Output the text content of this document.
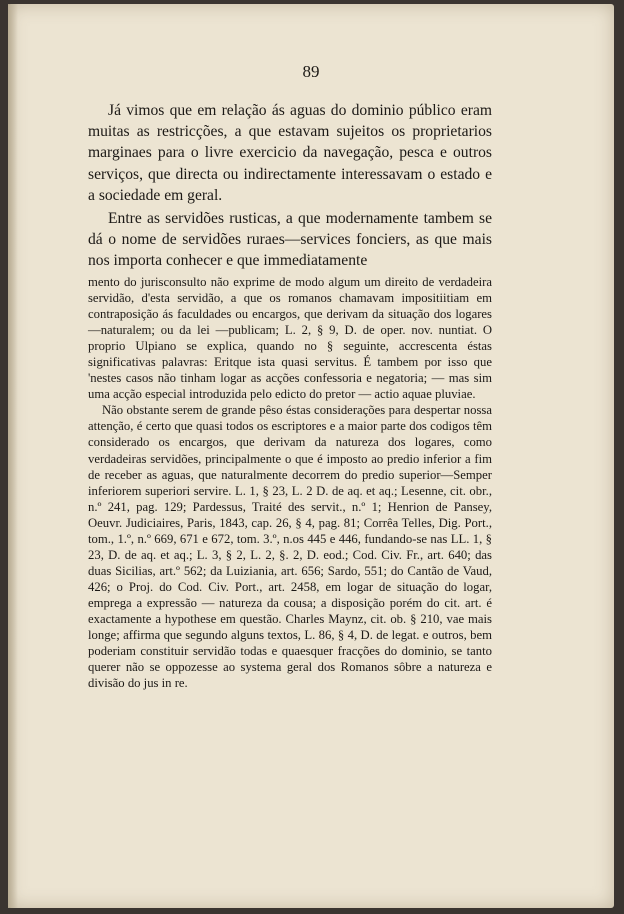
89

Já vimos que em relação ás aguas do dominio público eram muitas as restricções, a que estavam sujeitos os proprietarios marginaes para o livre exercicio da navegação, pesca e outros serviços, que directa ou indirectamente interessavam o estado e a sociedade em geral.

Entre as servidões rusticas, a que modernamente tambem se dá o nome de servidões ruraes—services fonciers, as que mais nos importa conhecer e que immediatamente

mento do jurisconsulto não exprime de modo algum um direito de verdadeira servidão, d'esta servidão, a que os romanos chamavam impositiitiam em contraposição ás faculdades ou encargos, que derivam da situação dos logares —naturalem; ou da lei —publicam; L. 2, § 9, D. de oper. nov. nuntiat. O proprio Ulpiano se explica, quando no § seguinte, accrescenta éstas significativas palavras: Eritque ista quasi servitus. É tambem por isso que 'nestes casos não tinham logar as acções confessoria e negatoria; — mas sim uma acção especial introduzida pelo edicto do pretor — actio aquae pluviae.

Não obstante serem de grande pêso éstas considerações para despertar nossa attenção, é certo que quasi todos os escriptores e a maior parte dos codigos têm considerado os encargos, que derivam da natureza dos logares, como verdadeiras servidões, principalmente o que é imposto ao predio inferior a fim de receber as aguas, que naturalmente decorrem do predio superior—Semper inferiorem superiori servire. L. 1, § 23, L. 2 D. de aq. et aq.; Lesenne, cit. obr., n.º 241, pag. 129; Pardessus, Traité des servit., n.º 1; Henrion de Pansey, Oeuvr. Judiciaires, Paris, 1843, cap. 26, § 4, pag. 81; Corrêa Telles, Dig. Port., tom., 1.º, n.º 669, 671 e 672, tom. 3.º, n.os 445 e 446, fundando-se nas LL. 1, § 23, D. de aq. et aq.; L. 3, § 2, L. 2, §. 2, D. eod.; Cod. Civ. Fr., art. 640; das duas Sicilias, art.º 562; da Luiziania, art. 656; Sardo, 551; do Cantão de Vaud, 426; o Proj. do Cod. Civ. Port., art. 2458, em logar de situação do logar, emprega a expressão — natureza da cousa; a disposição porém do cit. art. é exactamente a hypothese em questão. Charles Maynz, cit. ob. § 210, vae mais longe; affirma que segundo alguns textos, L. 86, § 4, D. de legat. e outros, bem poderiam constituir servidão todas e quaesquer fracções do dominio, se tanto querer não se oppozesse ao systema geral dos Romanos sôbre a natureza e divisão do jus in re.
